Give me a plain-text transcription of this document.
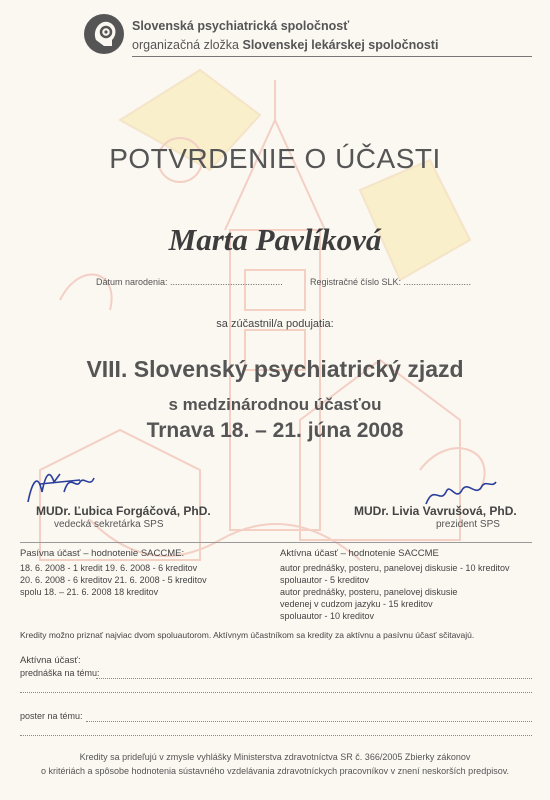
Slovenská psychiatrická spoločnosť
organizačná zložka Slovenskej lekárskej spoločnosti
POTVRDENIE O ÚČASTI
Marta Pavlíková
Dátum narodenia: .............................................	Registračné číslo SLK: ...........................
sa zúčastnil/a podujatia:
VIII. Slovenský psychiatrický zjazd
s medzinárodnou účasťou
Trnava 18. – 21. júna 2008
MUDr. Ľubica Forgáčová, PhD.
vedecká sekretárka SPS
MUDr. Livia Vavrušová, PhD.
prezident SPS
Pasívna účasť – hodnotenie SACCME:
18. 6. 2008 - 1 kredit 19. 6. 2008 - 6 kreditov
20. 6. 2008 - 6 kreditov 21. 6. 2008 - 5 kreditov
spolu 18. – 21. 6. 2008 18 kreditov
Aktívna účasť – hodnotenie SACCME
autor prednášky, posteru, panelovej diskusie - 10 kreditov
spoluautor - 5 kreditov
autor prednášky, posteru, panelovej diskusie
vedenej v cudzom jazyku - 15 kreditov
spoluautor - 10 kreditov
Kredity možno priznať najviac dvom spoluautorom. Aktívnym účastníkom sa kredity za aktívnu a pasívnu účasť sčitavajú.
Aktívna účasť:
prednáška na tému:
poster na tému:
Kredity sa prideľujú v zmysle vyhlášky Ministerstva zdravotníctva SR č. 366/2005 Zbierky zákonov
o kritériách a spôsobe hodnotenia sústavného vzdelávania zdravotníckych pracovníkov v znení neskorších predpisov.
